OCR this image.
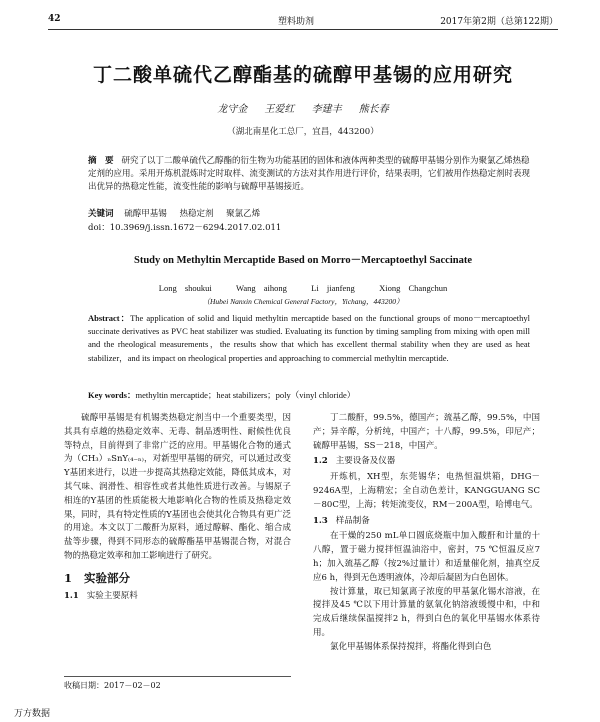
42	塑料助剂	2017年第2期（总第122期）
丁二酸单硫代乙醇酯基的硫醇甲基锡的应用研究
龙守金 王爱红 李建丰 熊长春
（湖北南星化工总厂，宜昌，443200）
摘　要 研究了以丁二酸单硫代乙醇酯的衍生物为功能基团的固体和液体两种类型的硫醇甲基锡分别作为聚氯乙烯热稳定剂的应用。采用开炼机混炼时定时取样、流变测试的方法对其作用进行评价，结果表明，它们被用作热稳定剂时表现出优异的热稳定性能，流变性能的影响与硫醇甲基锡接近。
关键词 硫醇甲基锡 热稳定剂 聚氯乙烯
doi：10.3969/j.issn.1672－6294.2017.02.011
Study on Methyltin Mercaptide Based on Morro－Mercaptoethyl Saccinate
Long shoukui	Wang aihong	Li jianfeng	Xiong Changchun
（Hubei Nanxin Chemical General Factory，Yichang，443200）
Abstract：The application of solid and liquid methyltin mercaptide based on the functional groups of mono－mercaptoethyl succinate derivatives as PVC heat stabilizer was studied. Evaluating its function by timing sampling from mixing with open mill and the rheological measurements，the results show that which has excellent thermal stability when they are used as heat stabilizer，and its impact on rheological properties and approaching to commercial methyltin mercaptide.
Key words：methyltin mercaptide；heat stabilizers；poly（vinyl chloride）

硫醇甲基锡是有机锡类热稳定剂当中一个重要类型，因其具有卓越的热稳定效率、无毒、制品透明性、耐候性优良等特点，目前得到了非常广泛的应用。甲基锡化合物的通式为（CH₃）ₙSnY₍₄₋ₙ₎，对新型甲基锡的研究，可以通过改变Y基团来进行，以进一步提高其热稳定效能，降低其成本，对其气味、润滑性、相容性或者其他性质进行改善。与锡原子相连的Y基团的性质能极大地影响化合物的性质及热稳定效果，同时，具有特定性质的Y基团也会使其化合物具有更广泛的用途。本文以丁二酸酐为原料，通过醇解、酯化、缩合成盐等步骤，得到不同形态的硫醇酯基甲基锡混合物，对混合物的热稳定效率和加工影响进行了研究。

1 实验部分

1.1 实验主要原料

收稿日期：2017－02－02

丁二酸酐，99.5%，德国产；巯基乙醇，99.5%，中国产；异辛醇，分析纯，中国产；十八醇，99.5%，印尼产；硫醇甲基锡，SS－218，中国产。

1.2 主要设备及仪器

开炼机，XH型，东莞锡华；电热恒温烘箱，DHG－9246A型，上海精宏；全自动色差计，KANGGUANG SC－80C型，上海；转矩流变仪，RM－200A型，哈博电气。

1.3 样品制备

在干燥的250 mL单口圆底烧瓶中加入酸酐和计量的十八醇，置于磁力搅拌恒温油浴中，密封，75 ℃恒温反应7 h；加入巯基乙醇（按2%过量计）和适量催化剂，抽真空反应6 h，得到无色透明液体，冷却后凝固为白色固体。

按计算量，取已知氯离子浓度的甲基氯化锡水溶液，在搅拌及45 ℃以下用计算量的氨氧化钠溶液缓慢中和，中和完成后继续保温搅拌2 h，得到白色的氧化甲基锡水体系待用。

氯化甲基锡体系保持搅拌，将酯化得到白色

万方数据
